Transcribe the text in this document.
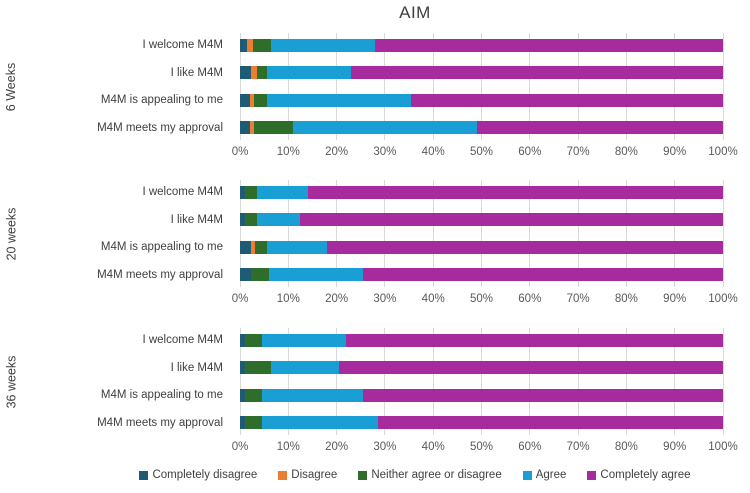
AIM
6 Weeks
I welcome M4M
I like M4M
M4M is appealing to me
M4M meets my approval
0% 10% 20% 30% 40% 50% 60% 70% 80% 90% 100%
20 weeks
I welcome M4M
I like M4M
M4M is appealing to me
M4M meets my approval
0% 10% 20% 30% 40% 50% 60% 70% 80% 90% 100%
36 weeks
I welcome M4M
I like M4M
M4M is appealing to me
M4M meets my approval
0% 10% 20% 30% 40% 50% 60% 70% 80% 90% 100%
Completely disagree	Disagree	Neither agree or disagree	Agree	Completely agree
